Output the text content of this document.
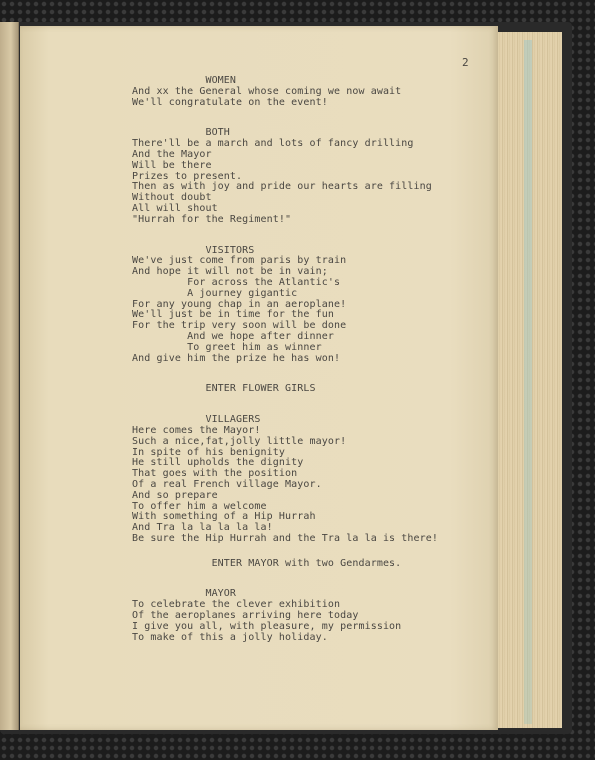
2
WOMEN
And xx the General whose coming we now await
We'll congratulate on the event!
BOTH
There'll be a march and lots of fancy drilling
And the Mayor
Will be there
Prizes to present.
Then as with joy and pride our hearts are filling
Without doubt
All will shout
"Hurrah for the Regiment!"
VISITORS
We've just come from paris by train
And hope it will not be in vain;
For across the Atlantic's
A journey gigantic
For any young chap in an aeroplane!
We'll just be in time for the fun
For the trip very soon will be done
And we hope after dinner
To greet him as winner
And give him the prize he has won!
ENTER FLOWER GIRLS
VILLAGERS
Here comes the Mayor!
Such a nice,fat,jolly little mayor!
In spite of his benignity
He still upholds the dignity
That goes with the position
Of a real French village Mayor.
And so prepare
To offer him a welcome
With something of a Hip Hurrah
And Tra la la la la la!
Be sure the Hip Hurrah and the Tra la la is there!
ENTER MAYOR with two Gendarmes.
MAYOR
To celebrate the clever exhibition
Of the aeroplanes arriving here today
I give you all, with pleasure, my permission
To make of this a jolly holiday.
